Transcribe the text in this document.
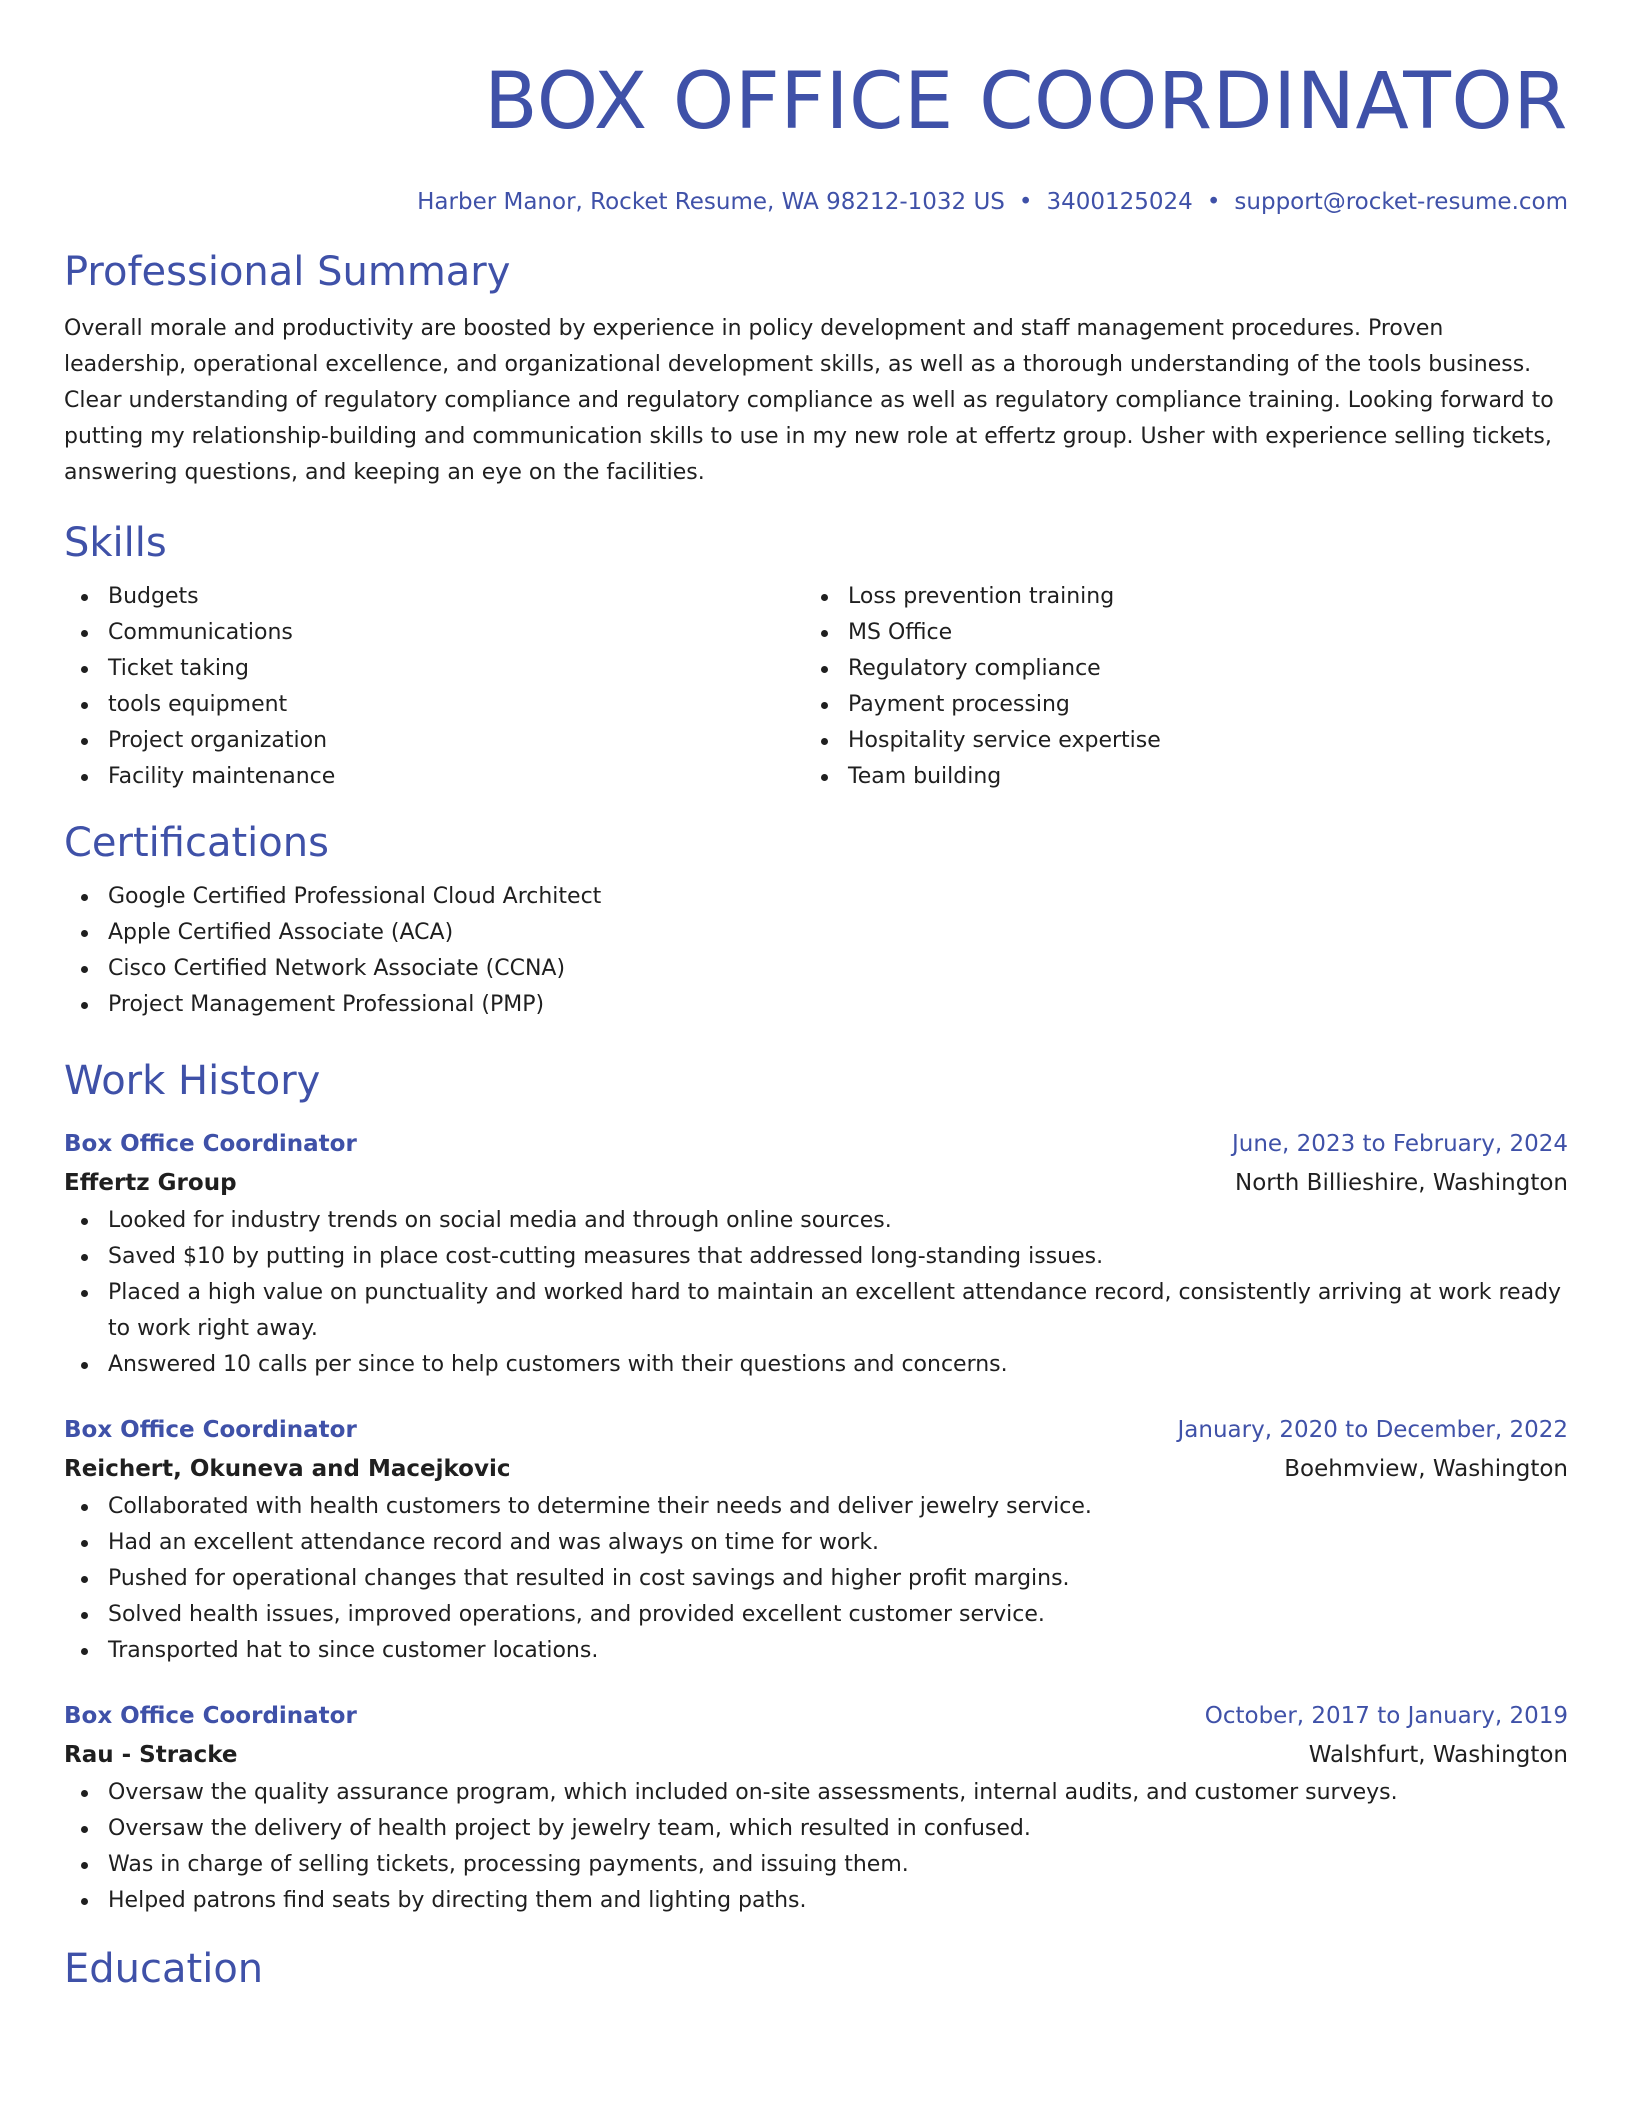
BOX OFFICE COORDINATOR
Harber Manor, Rocket Resume, WA 98212-1032 US • 3400125024 • support@rocket-resume.com
Professional Summary

Overall morale and productivity are boosted by experience in policy development and staff management procedures. Proven leadership, operational excellence, and organizational development skills, as well as a thorough understanding of the tools business. Clear understanding of regulatory compliance and regulatory compliance as well as regulatory compliance training. Looking forward to putting my relationship-building and communication skills to use in my new role at effertz group. Usher with experience selling tickets, answering questions, and keeping an eye on the facilities.

Skills
Budgets
Communications
Ticket taking
tools equipment
Project organization
Facility maintenance
Loss prevention training
MS Office
Regulatory compliance
Payment processing
Hospitality service expertise
Team building
Certifications
Google Certified Professional Cloud Architect
Apple Certified Associate (ACA)
Cisco Certified Network Associate (CCNA)
Project Management Professional (PMP)
Work History
Box Office Coordinator	June, 2023 to February, 2024
Effertz Group	North Billieshire, Washington
Looked for industry trends on social media and through online sources.
Saved $10 by putting in place cost-cutting measures that addressed long-standing issues.
Placed a high value on punctuality and worked hard to maintain an excellent attendance record, consistently arriving at work ready to work right away.
Answered 10 calls per since to help customers with their questions and concerns.
Box Office Coordinator	January, 2020 to December, 2022
Reichert, Okuneva and Macejkovic	Boehmview, Washington
Collaborated with health customers to determine their needs and deliver jewelry service.
Had an excellent attendance record and was always on time for work.
Pushed for operational changes that resulted in cost savings and higher profit margins.
Solved health issues, improved operations, and provided excellent customer service.
Transported hat to since customer locations.
Box Office Coordinator	October, 2017 to January, 2019
Rau - Stracke	Walshfurt, Washington
Oversaw the quality assurance program, which included on-site assessments, internal audits, and customer surveys.
Oversaw the delivery of health project by jewelry team, which resulted in confused.
Was in charge of selling tickets, processing payments, and issuing them.
Helped patrons find seats by directing them and lighting paths.
Education
